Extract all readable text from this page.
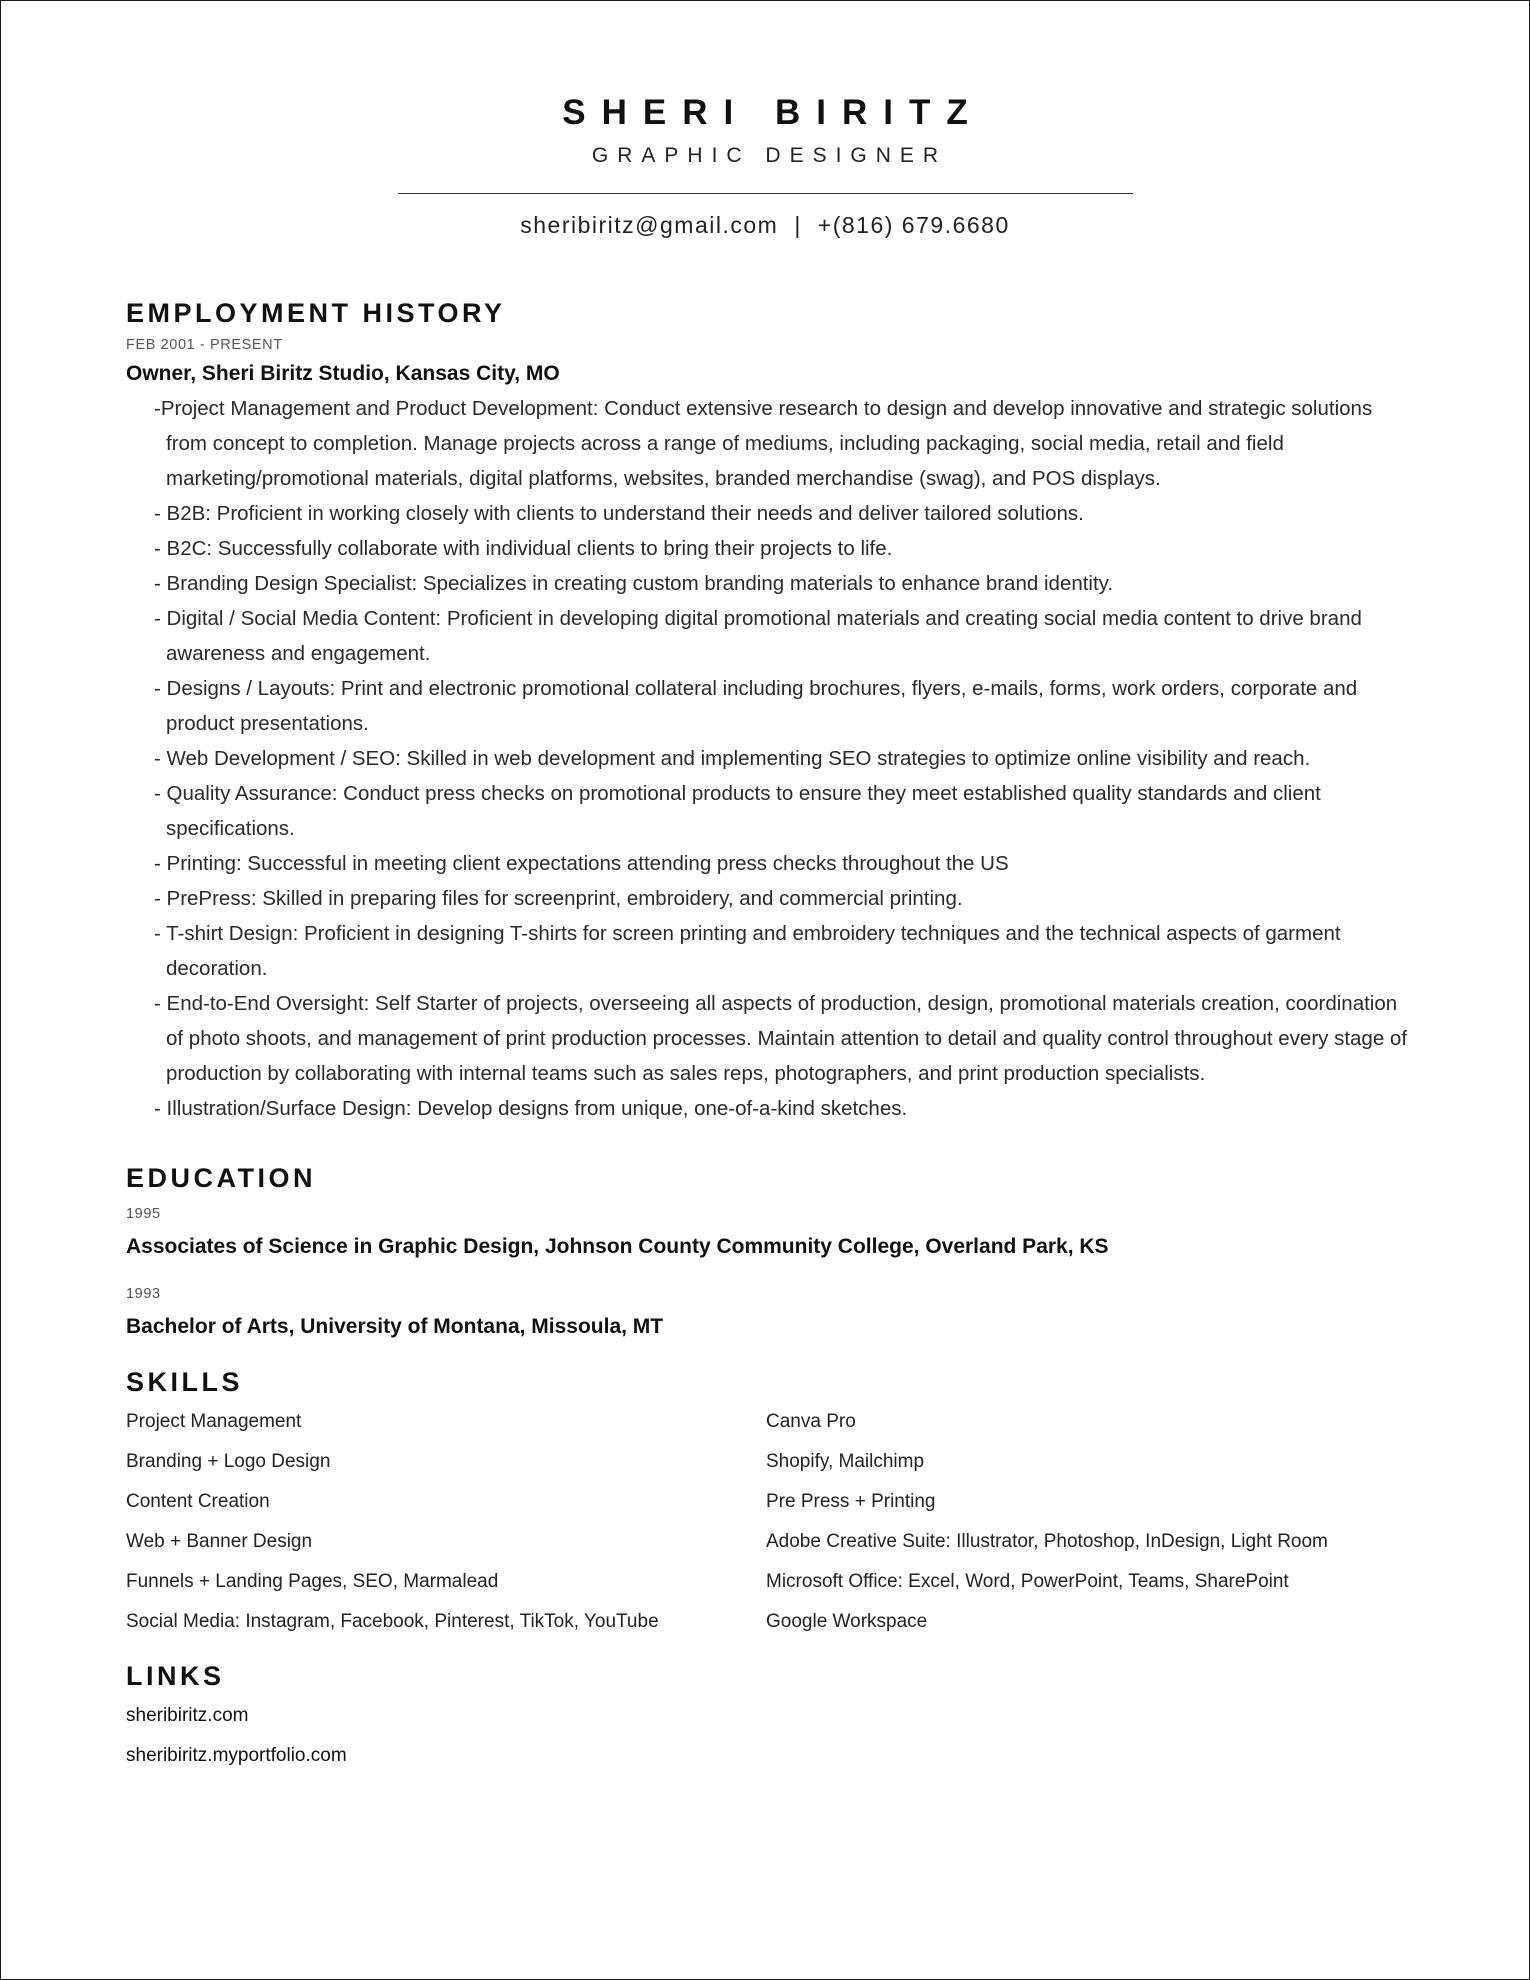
SHERI BIRITZ
GRAPHIC DESIGNER
sheribiritz@gmail.com | +(816) 679.6680
EMPLOYMENT HISTORY
FEB 2001 - PRESENT
Owner, Sheri Biritz Studio, Kansas City, MO
-Project Management and Product Development: Conduct extensive research to design and develop innovative and strategic solutions from concept to completion. Manage projects across a range of mediums, including packaging, social media, retail and field marketing/promotional materials, digital platforms, websites, branded merchandise (swag), and POS displays.
- B2B: Proficient in working closely with clients to understand their needs and deliver tailored solutions.
- B2C: Successfully collaborate with individual clients to bring their projects to life.
- Branding Design Specialist: Specializes in creating custom branding materials to enhance brand identity.
- Digital / Social Media Content: Proficient in developing digital promotional materials and creating social media content to drive brand awareness and engagement.
- Designs / Layouts: Print and electronic promotional collateral including brochures, flyers, e-mails, forms, work orders, corporate and product presentations.
- Web Development / SEO: Skilled in web development and implementing SEO strategies to optimize online visibility and reach.
- Quality Assurance: Conduct press checks on promotional products to ensure they meet established quality standards and client specifications.
- Printing: Successful in meeting client expectations attending press checks throughout the US
- PrePress: Skilled in preparing files for screenprint, embroidery, and commercial printing.
- T-shirt Design: Proficient in designing T-shirts for screen printing and embroidery techniques and the technical aspects of garment decoration.
- End-to-End Oversight: Self Starter of projects, overseeing all aspects of production, design, promotional materials creation, coordination of photo shoots, and management of print production processes. Maintain attention to detail and quality control throughout every stage of production by collaborating with internal teams such as sales reps, photographers, and print production specialists.
- Illustration/Surface Design: Develop designs from unique, one-of-a-kind sketches.
EDUCATION
1995
Associates of Science in Graphic Design, Johnson County Community College, Overland Park, KS
1993
Bachelor of Arts, University of Montana, Missoula, MT
SKILLS
Project Management
Branding + Logo Design
Content Creation
Web + Banner Design
Funnels + Landing Pages, SEO, Marmalead
Social Media: Instagram, Facebook, Pinterest, TikTok, YouTube
Canva Pro
Shopify, Mailchimp
Pre Press + Printing
Adobe Creative Suite: Illustrator, Photoshop, InDesign, Light Room
Microsoft Office: Excel, Word, PowerPoint, Teams, SharePoint
Google Workspace
LINKS
sheribiritz.com
sheribiritz.myportfolio.com
